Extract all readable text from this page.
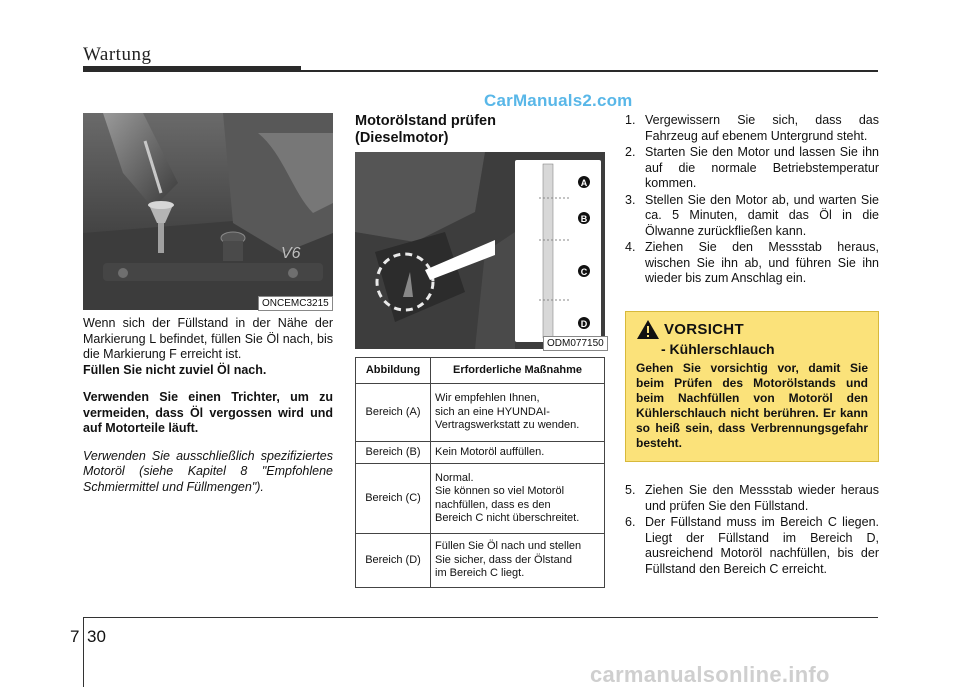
Wartung
CarManuals2.com
V6
ONCEMC3215

Wenn sich der Füllstand in der Nähe der Markierung L befindet, füllen Sie Öl nach, bis die Markierung F erreicht ist.
Füllen Sie nicht zuviel Öl nach.

Verwenden Sie einen Trichter, um zu vermeiden, dass Öl vergossen wird und auf Motorteile läuft.

Verwenden Sie ausschließlich spezifiziertes Motoröl (siehe Kapitel 8 "Empfohlene Schmiermittel und Füllmengen").

Motorölstand prüfen
(Dieselmotor)
A
B
C
D
ODM077150
Abbildung	Erforderliche Maßnahme
Bereich (A)	Wir empfehlen Ihnen,
sich an eine HYUNDAI-
Vertragswerkstatt zu wenden.

Bereich (B)	Kein Motoröl auffüllen.

Bereich (C)	Normal.
Sie können so viel Motoröl
nachfüllen, dass es den
Bereich C nicht überschreitet.

Bereich (D)	Füllen Sie Öl nach und stellen
Sie sicher, dass der Ölstand
im Bereich C liegt.
1. Vergewissern Sie sich, dass das Fahrzeug auf ebenem Untergrund steht.
2. Starten Sie den Motor und lassen Sie ihn auf die normale Betriebstemperatur kommen.
3. Stellen Sie den Motor ab, und warten Sie ca. 5 Minuten, damit das Öl in die Ölwanne zurückfließen kann.
4. Ziehen Sie den Messstab heraus, wischen Sie ihn ab, und führen Sie ihn wieder bis zum Anschlag ein.
VORSICHT
- Kühlerschlauch
Gehen Sie vorsichtig vor, damit Sie beim Prüfen des Motorölstands und beim Nachfüllen von Motoröl den Kühlerschlauch nicht berühren. Er kann so heiß sein, dass Verbrennungsgefahr besteht.
5. Ziehen Sie den Messstab wieder heraus und prüfen Sie den Füllstand.
6. Der Füllstand muss im Bereich C liegen. Liegt der Füllstand im Bereich D, ausreichend Motoröl nachfüllen, bis der Füllstand den Bereich C erreicht.
7 30
carmanualsonline.info
